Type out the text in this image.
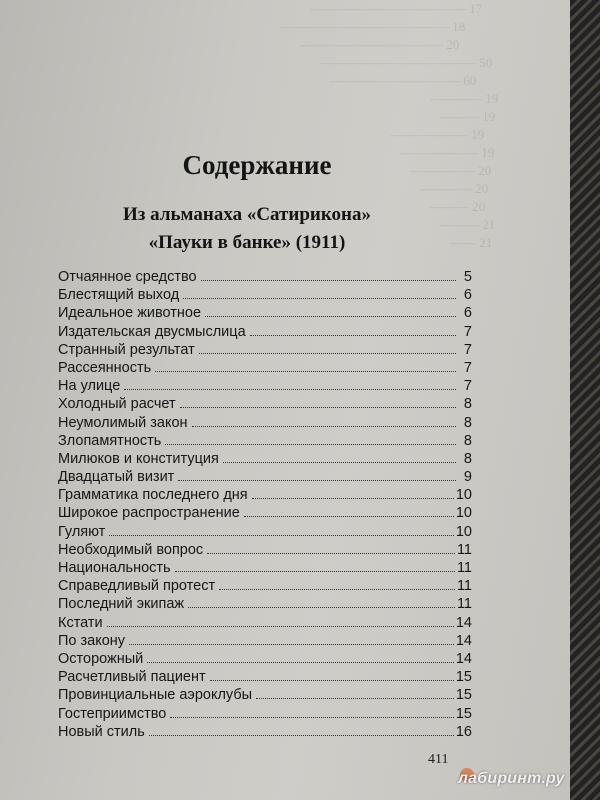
———————————— 17
————————————— 18
——————————— 20
———————————— 50
—————————— 60
———— 19
——— 19
—————— 19
—————— 19
————— 20
———— 20
——— 20
——— 21
—— 21
Содержание
Из альманаха «Сатирикона»
«Пауки в банке» (1911)
Отчаянное средство	5
Блестящий выход	6
Идеальное животное	6
Издательская двусмыслица	7
Странный результат	7
Рассеянность	7
На улице	7
Холодный расчет	8
Неумолимый закон	8
Злопамятность	8
Милюков и конституция	8
Двадцатый визит	9
Грамматика последнего дня	10
Широкое распространение	10
Гуляют	10
Необходимый вопрос	11
Национальность	11
Справедливый протест	11
Последний экипаж	11
Кстати	14
По закону	14
Осторожный	14
Расчетливый пациент	15
Провинциальные аэроклубы	15
Гостеприимство	15
Новый стиль	16
411
лабиринт.ру
